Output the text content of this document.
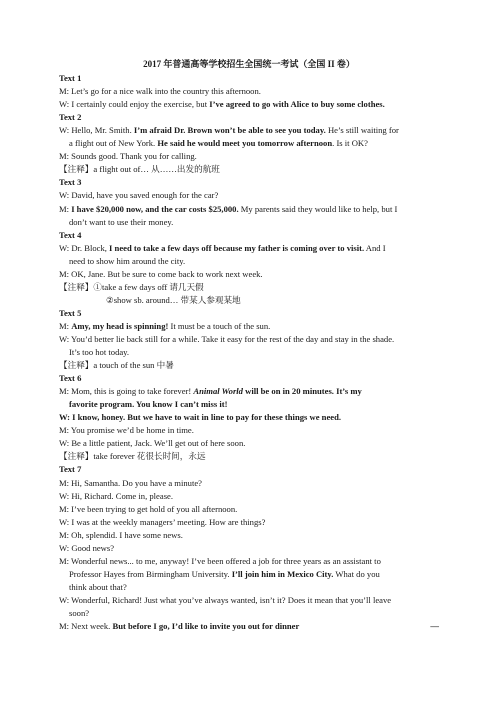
2017 年普通高等学校招生全国统一考试（全国 II 卷）
Text 1
M: Let’s go for a nice walk into the country this afternoon.
W: I certainly could enjoy the exercise, but I’ve agreed to go with Alice to buy some clothes.
Text 2
W: Hello, Mr. Smith. I’m afraid Dr. Brown won’t be able to see you today. He’s still waiting for
a flight out of New York. He said he would meet you tomorrow afternoon. Is it OK?
M: Sounds good. Thank you for calling.
【注释】a flight out of… 从……出发的航班
Text 3
W: David, have you saved enough for the car?
M: I have $20,000 now, and the car costs $25,000. My parents said they would like to help, but I
don’t want to use their money.
Text 4
W: Dr. Block, I need to take a few days off because my father is coming over to visit. And I
need to show him around the city.
M: OK, Jane. But be sure to come back to work next week.
【注释】①take a few days off 请几天假
②show sb. around… 带某人参观某地
Text 5
M: Amy, my head is spinning! It must be a touch of the sun.
W: You’d better lie back still for a while. Take it easy for the rest of the day and stay in the shade.
It’s too hot today.
【注释】a touch of the sun 中暑
Text 6
M: Mom, this is going to take forever! Animal World will be on in 20 minutes. It’s my
favorite program. You know I can’t miss it!
W: I know, honey. But we have to wait in line to pay for these things we need.
M: You promise we’d be home in time.
W: Be a little patient, Jack. We’ll get out of here soon.
【注释】take forever 花很长时间，永远
Text 7
M: Hi, Samantha. Do you have a minute?
W: Hi, Richard. Come in, please.
M: I’ve been trying to get hold of you all afternoon.
W: I was at the weekly managers’ meeting. How are things?
M: Oh, splendid. I have some news.
W: Good news?
M: Wonderful news... to me, anyway! I’ve been offered a job for three years as an assistant to
Professor Hayes from Birmingham University. I’ll join him in Mexico City. What do you
think about that?
W: Wonderful, Richard! Just what you’ve always wanted, isn’t it? Does it mean that you’ll leave
soon?
M: Next week. But before I go, I’d like to invite you out for dinner	—
